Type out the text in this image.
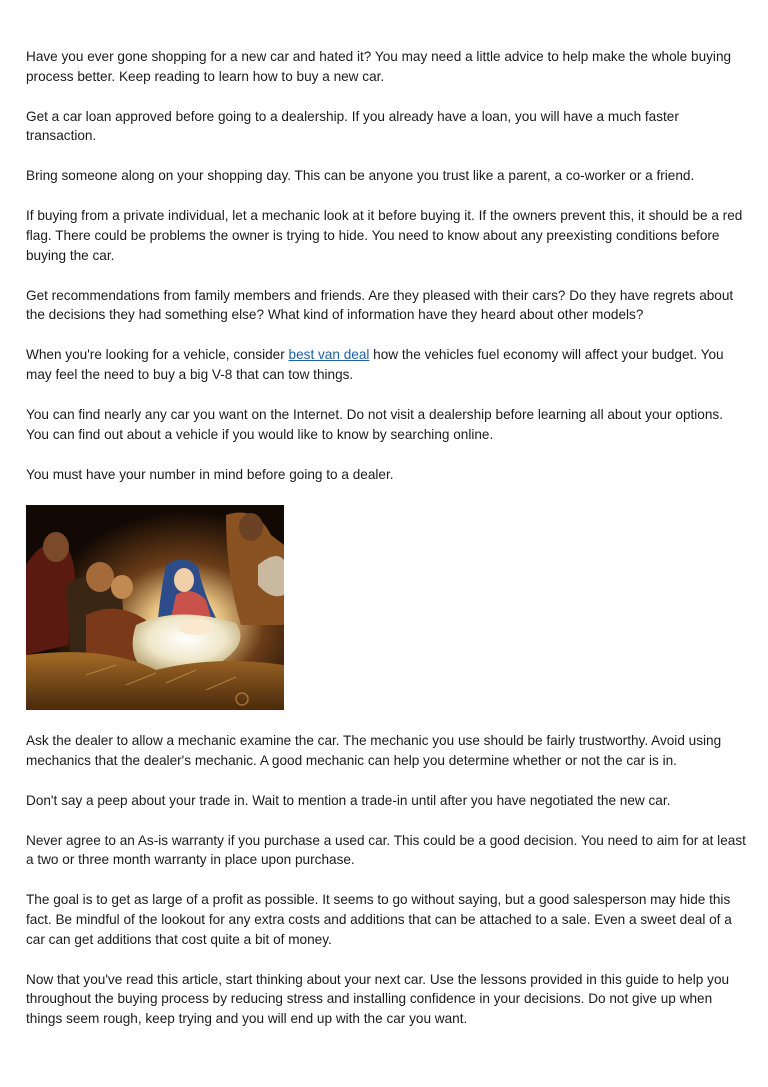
Have you ever gone shopping for a new car and hated it? You may need a little advice to help make the whole buying process better. Keep reading to learn how to buy a new car.

Get a car loan approved before going to a dealership. If you already have a loan, you will have a much faster transaction.

Bring someone along on your shopping day. This can be anyone you trust like a parent, a co-worker or a friend.

If buying from a private individual, let a mechanic look at it before buying it. If the owners prevent this, it should be a red flag. There could be problems the owner is trying to hide. You need to know about any preexisting conditions before buying the car.

Get recommendations from family members and friends. Are they pleased with their cars? Do they have regrets about the decisions they had something else? What kind of information have they heard about other models?

When you're looking for a vehicle, consider best van deal how the vehicles fuel economy will affect your budget. You may feel the need to buy a big V-8 that can tow things.

You can find nearly any car you want on the Internet. Do not visit a dealership before learning all about your options. You can find out about a vehicle if you would like to know by searching online.

You must have your number in mind before going to a dealer.

Ask the dealer to allow a mechanic examine the car. The mechanic you use should be fairly trustworthy. Avoid using mechanics that the dealer's mechanic. A good mechanic can help you determine whether or not the car is in.

Don't say a peep about your trade in. Wait to mention a trade-in until after you have negotiated the new car.

Never agree to an As-is warranty if you purchase a used car. This could be a good decision. You need to aim for at least a two or three month warranty in place upon purchase.

The goal is to get as large of a profit as possible. It seems to go without saying, but a good salesperson may hide this fact. Be mindful of the lookout for any extra costs and additions that can be attached to a sale. Even a sweet deal of a car can get additions that cost quite a bit of money.

Now that you've read this article, start thinking about your next car. Use the lessons provided in this guide to help you throughout the buying process by reducing stress and installing confidence in your decisions. Do not give up when things seem rough, keep trying and you will end up with the car you want.
